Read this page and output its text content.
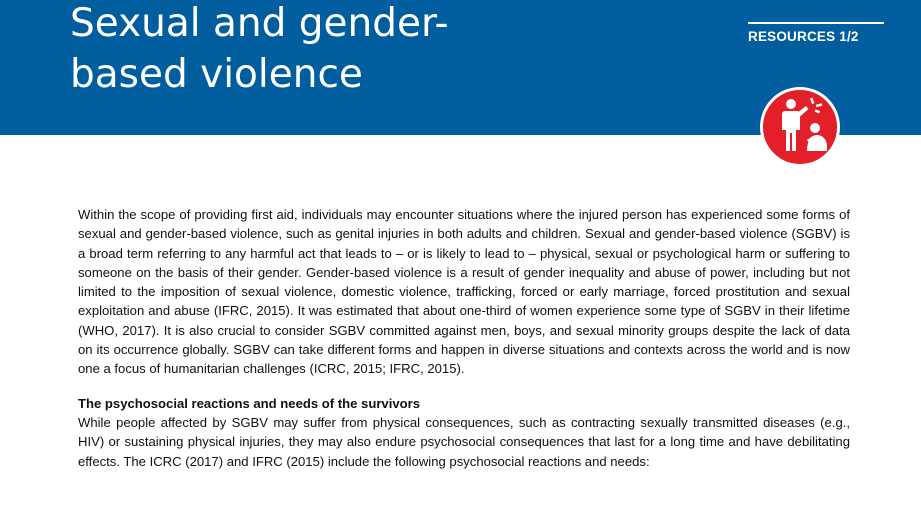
Sexual and gender-
based violence
RESOURCES 1/2

Within the scope of providing first aid, individuals may encounter situations where the injured person has experienced some forms of sexual and gender-based violence, such as genital injuries in both adults and children. Sexual and gender-based violence (SGBV) is a broad term referring to any harmful act that leads to – or is likely to lead to – physical, sexual or psychological harm or suffering to someone on the basis of their gender. Gender-based violence is a result of gender inequality and abuse of power, including but not limited to the imposition of sexual violence, domestic violence, trafficking, forced or early marriage, forced prostitution and sexual exploitation and abuse (IFRC, 2015). It was estimated that about one-third of women experience some type of SGBV in their lifetime (WHO, 2017). It is also crucial to consider SGBV committed against men, boys, and sexual minority groups despite the lack of data on its occurrence globally. SGBV can take different forms and happen in diverse situations and contexts across the world and is now one a focus of humanitarian challenges (ICRC, 2015; IFRC, 2015).

The psychosocial reactions and needs of the survivors

While people affected by SGBV may suffer from physical consequences, such as contracting sexually transmitted diseases (e.g., HIV) or sustaining physical injuries, they may also endure psychosocial consequences that last for a long time and have debilitating effects. The ICRC (2017) and IFRC (2015) include the following psychosocial reactions and needs:
